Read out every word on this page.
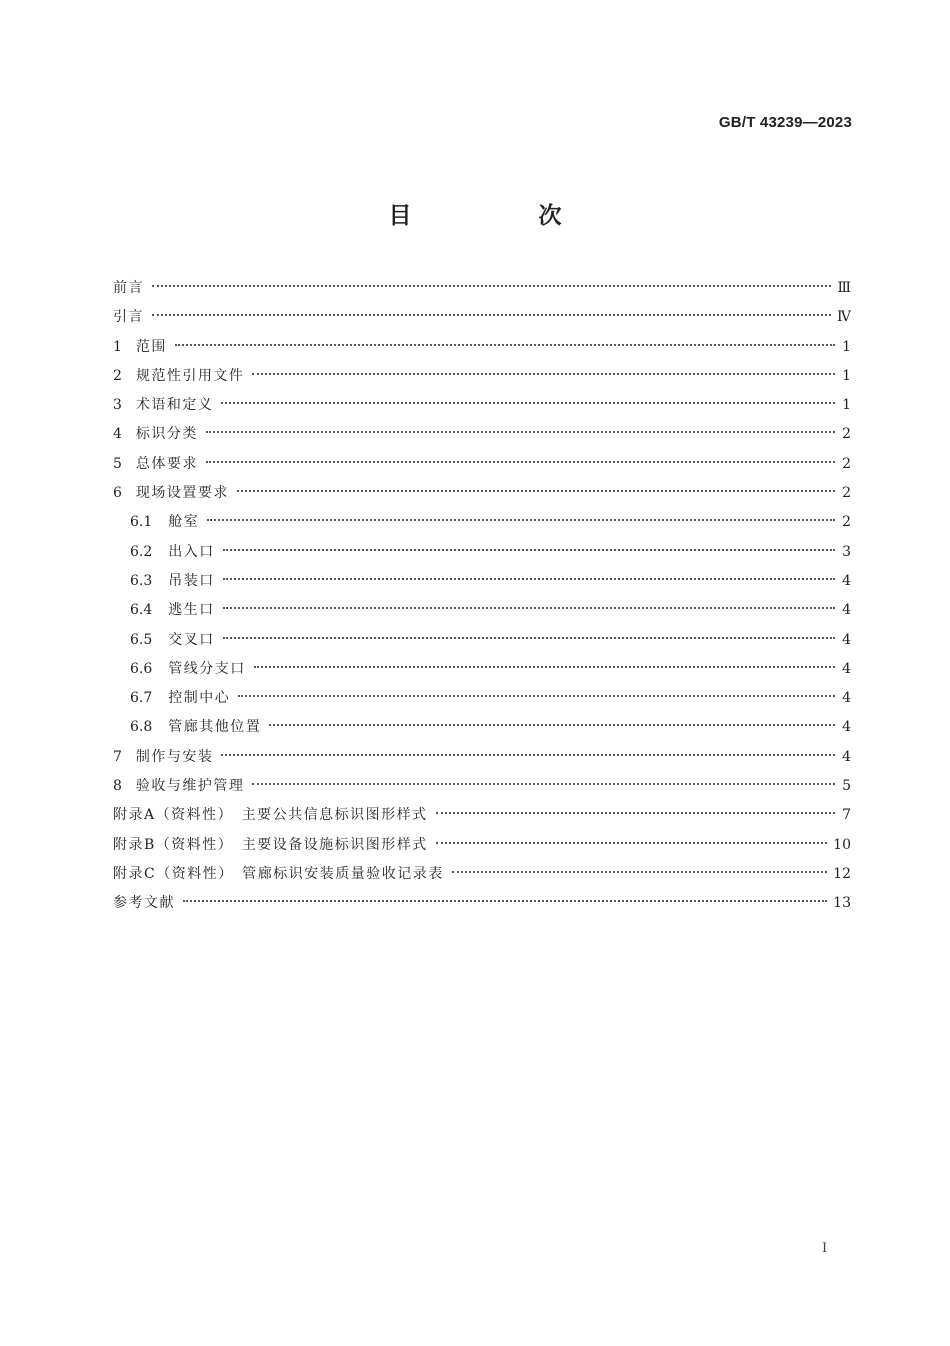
GB/T 43239—2023
目　次
前言	Ⅲ
引言	Ⅳ
1 范围	1
2 规范性引用文件	1
3 术语和定义	1
4 标识分类	2
5 总体要求	2
6 现场设置要求	2
6.1 舱室	2
6.2 出入口	3
6.3 吊装口	4
6.4 逃生口	4
6.5 交叉口	4
6.6 管线分支口	4
6.7 控制中心	4
6.8 管廊其他位置	4
7 制作与安装	4
8 验收与维护管理	5
附录A（资料性）　主要公共信息标识图形样式	7
附录B（资料性）　主要设备设施标识图形样式	10
附录C（资料性）　管廊标识安装质量验收记录表	12
参考文献	13
I
